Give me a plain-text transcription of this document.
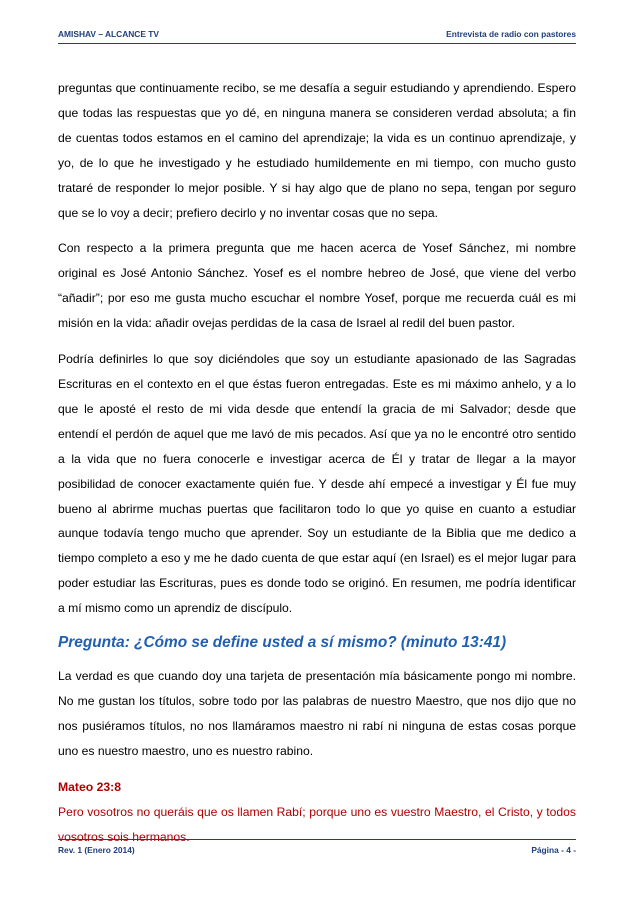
AMISHAV – ALCANCE TV	Entrevista de radio con pastores

preguntas que continuamente recibo, se me desafía a seguir estudiando y aprendiendo. Espero que todas las respuestas que yo dé, en ninguna manera se consideren verdad absoluta; a fin de cuentas todos estamos en el camino del aprendizaje; la vida es un continuo aprendizaje, y yo, de lo que he investigado y he estudiado humildemente en mi tiempo, con mucho gusto trataré de responder lo mejor posible. Y si hay algo que de plano no sepa, tengan por seguro que se lo voy a decir; prefiero decirlo y no inventar cosas que no sepa.

Con respecto a la primera pregunta que me hacen acerca de Yosef Sánchez, mi nombre original es José Antonio Sánchez. Yosef es el nombre hebreo de José, que viene del verbo “añadir”; por eso me gusta mucho escuchar el nombre Yosef, porque me recuerda cuál es mi misión en la vida: añadir ovejas perdidas de la casa de Israel al redil del buen pastor.

Podría definirles lo que soy diciéndoles que soy un estudiante apasionado de las Sagradas Escrituras en el contexto en el que éstas fueron entregadas. Este es mi máximo anhelo, y a lo que le aposté el resto de mi vida desde que entendí la gracia de mi Salvador; desde que entendí el perdón de aquel que me lavó de mis pecados. Así que ya no le encontré otro sentido a la vida que no fuera conocerle e investigar acerca de Él y tratar de llegar a la mayor posibilidad de conocer exactamente quién fue. Y desde ahí empecé a investigar y Él fue muy bueno al abrirme muchas puertas que facilitaron todo lo que yo quise en cuanto a estudiar aunque todavía tengo mucho que aprender. Soy un estudiante de la Biblia que me dedico a tiempo completo a eso y me he dado cuenta de que estar aquí (en Israel) es el mejor lugar para poder estudiar las Escrituras, pues es donde todo se originó. En resumen, me podría identificar a mí mismo como un aprendiz de discípulo.

Pregunta: ¿Cómo se define usted a sí mismo? (minuto 13:41)

La verdad es que cuando doy una tarjeta de presentación mía básicamente pongo mi nombre. No me gustan los títulos, sobre todo por las palabras de nuestro Maestro, que nos dijo que no nos pusiéramos títulos, no nos llamáramos maestro ni rabí ni ninguna de estas cosas porque uno es nuestro maestro, uno es nuestro rabino.

Mateo 23:8

Pero vosotros no queráis que os llamen Rabí; porque uno es vuestro Maestro, el Cristo, y todos vosotros sois hermanos.

Rev. 1 (Enero 2014)	Página - 4 -
